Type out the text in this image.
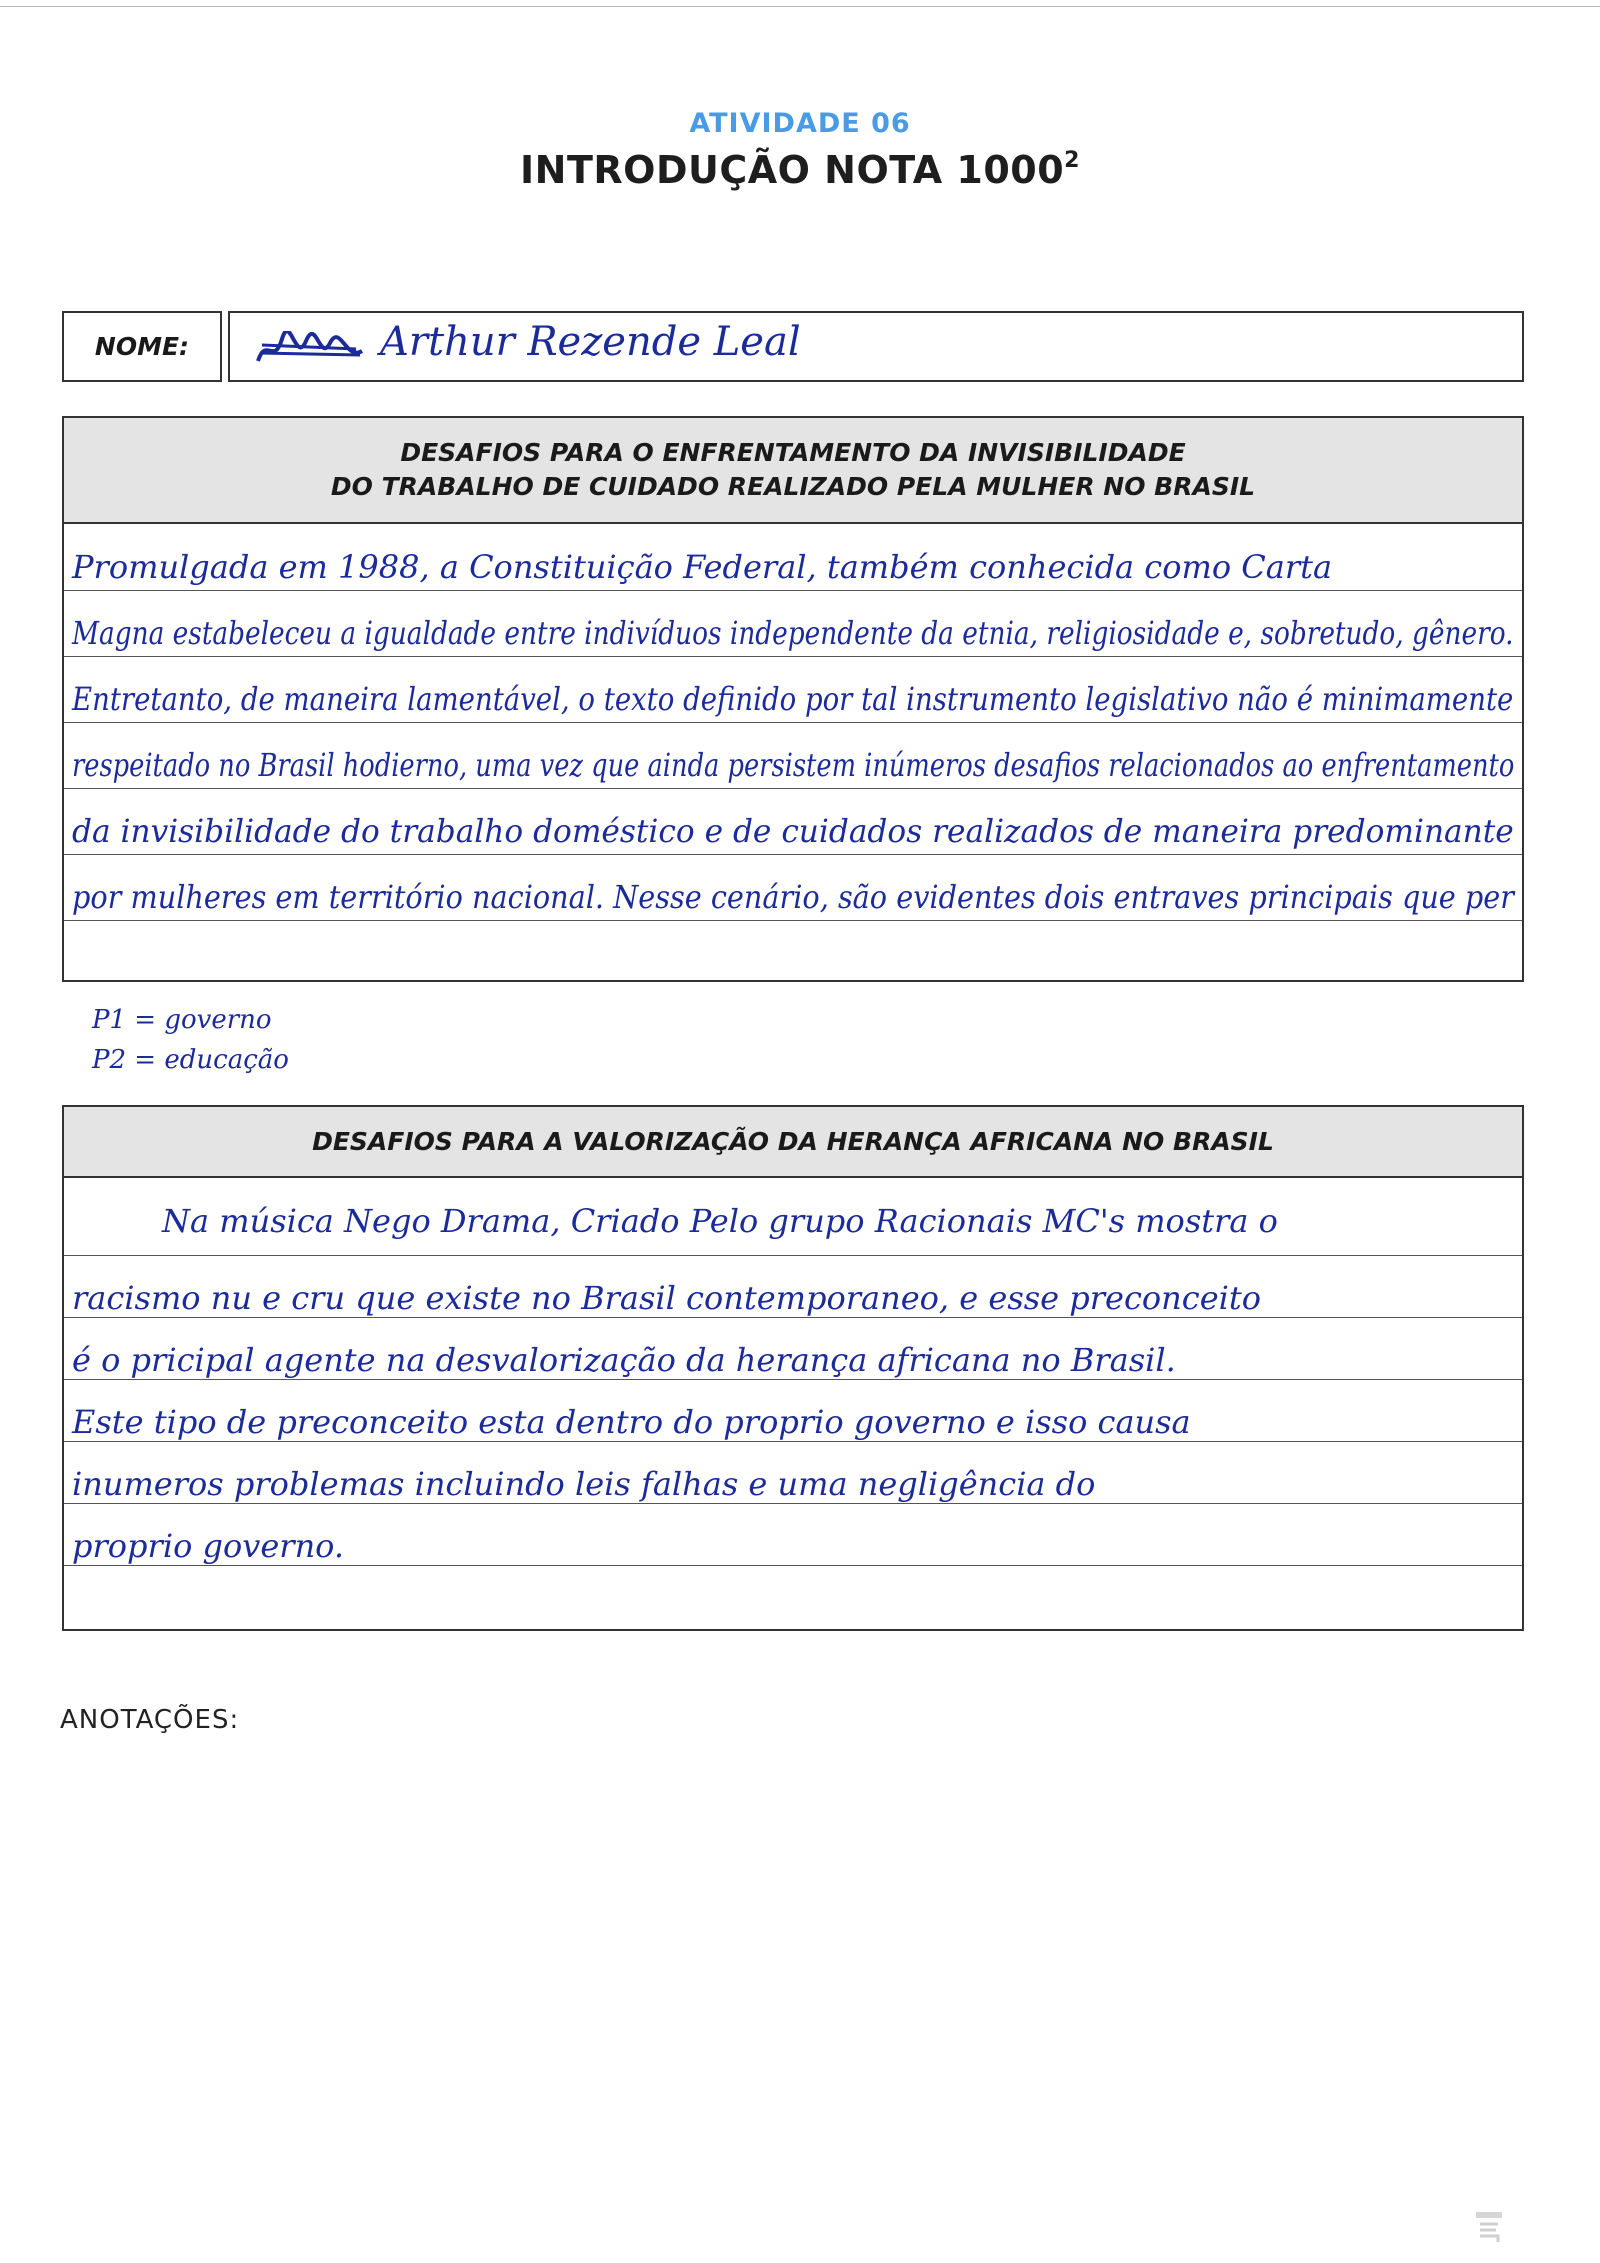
ATIVIDADE 06
INTRODUÇÃO NOTA 1000$^2$
NOME:	Arthur Rezende Leal
DESAFIOS PARA O ENFRENTAMENTO DA INVISIBILIDADE
DO TRABALHO DE CUIDADO REALIZADO PELA MULHER NO BRASIL
Promulgada em 1988, a Constituição Federal, também conhecida como Carta
Magna estabeleceu a igualdade entre indivíduos independente da etnia, religiosidade e, sobretudo, gênero.
Entretanto, de maneira lamentável, o texto definido por tal instrumento legislativo não é minimamente
respeitado no Brasil hodierno, uma vez que ainda persistem inúmeros desafios relacionados ao enfrentamento
da invisibilidade do trabalho doméstico e de cuidados realizados de maneira predominante
por mulheres em território nacional. Nesse cenário, são evidentes dois entraves principais que per
P1 = governo
P2 = educação
DESAFIOS PARA A VALORIZAÇÃO DA HERANÇA AFRICANA NO BRASIL
Na música Nego Drama, Criado Pelo grupo Racionais MC's mostra o
racismo nu e cru que existe no Brasil contemporaneo, e esse preconceito
é o pricipal agente na desvalorização da herança africana no Brasil.
Este tipo de preconceito esta dentro do proprio governo e isso causa
inumeros problemas incluindo leis falhas e uma negligência do
proprio governo.
ANOTAÇÕES:
